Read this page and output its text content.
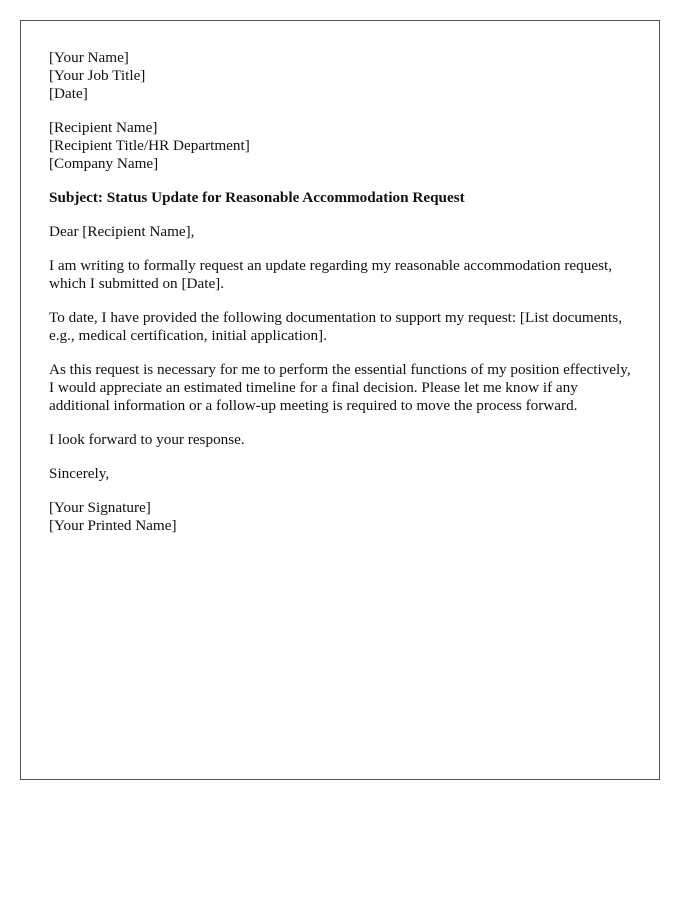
[Your Name]
[Your Job Title]
[Date]
[Recipient Name]
[Recipient Title/HR Department]
[Company Name]

Subject: Status Update for Reasonable Accommodation Request

Dear [Recipient Name],

I am writing to formally request an update regarding my reasonable accommodation request, which I submitted on [Date].

To date, I have provided the following documentation to support my request: [List documents, e.g., medical certification, initial application].

As this request is necessary for me to perform the essential functions of my position effectively, I would appreciate an estimated timeline for a final decision. Please let me know if any additional information or a follow-up meeting is required to move the process forward.

I look forward to your response.

Sincerely,

[Your Signature]
[Your Printed Name]
